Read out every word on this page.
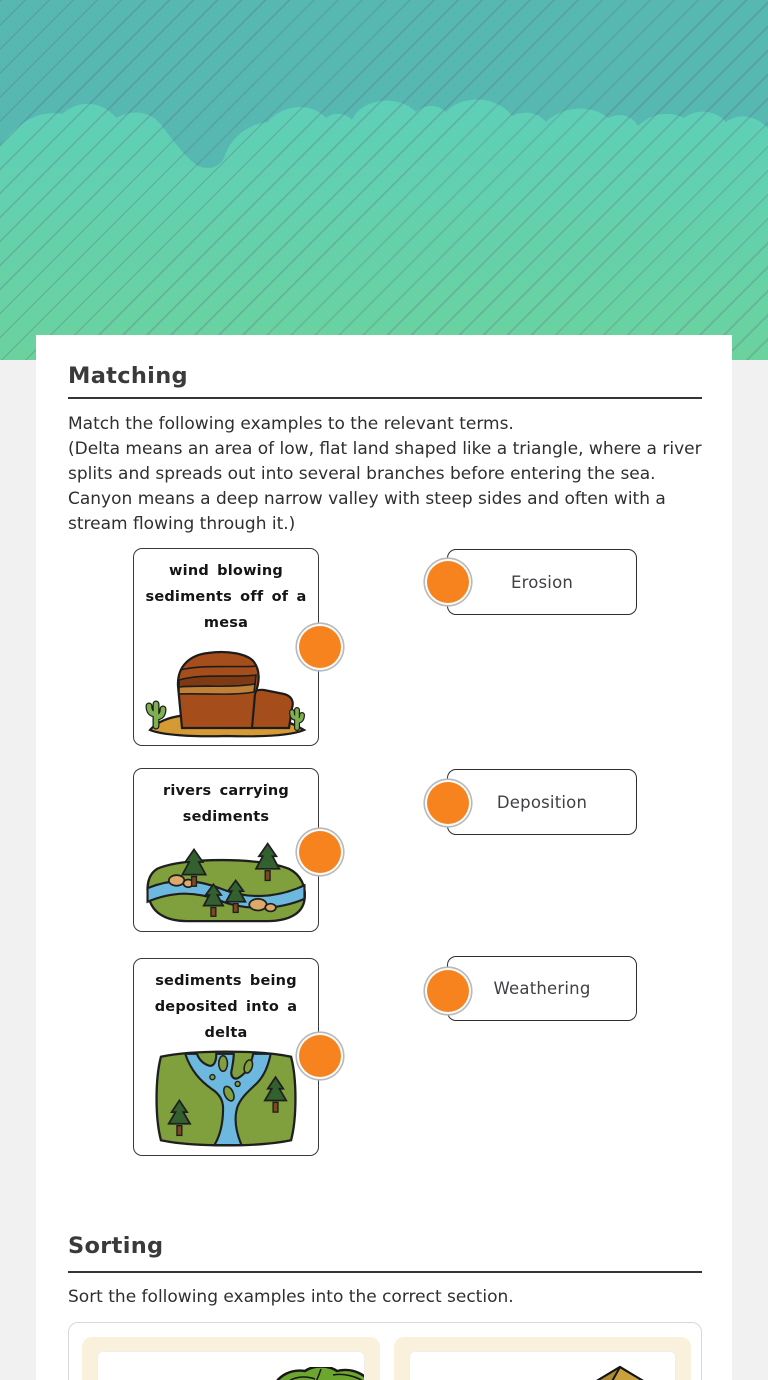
Matching

Match the following examples to the relevant terms.

(Delta means an area of low, flat land shaped like a triangle, where a river splits and spreads out into several branches before entering the sea. Canyon means a deep narrow valley with steep sides and often with a stream flowing through it.)

wind blowing sediments off of a mesa
rivers carrying sediments
sediments being deposited into a delta
Erosion
Deposition
Weathering
Sorting
Sort the following examples into the correct section.
